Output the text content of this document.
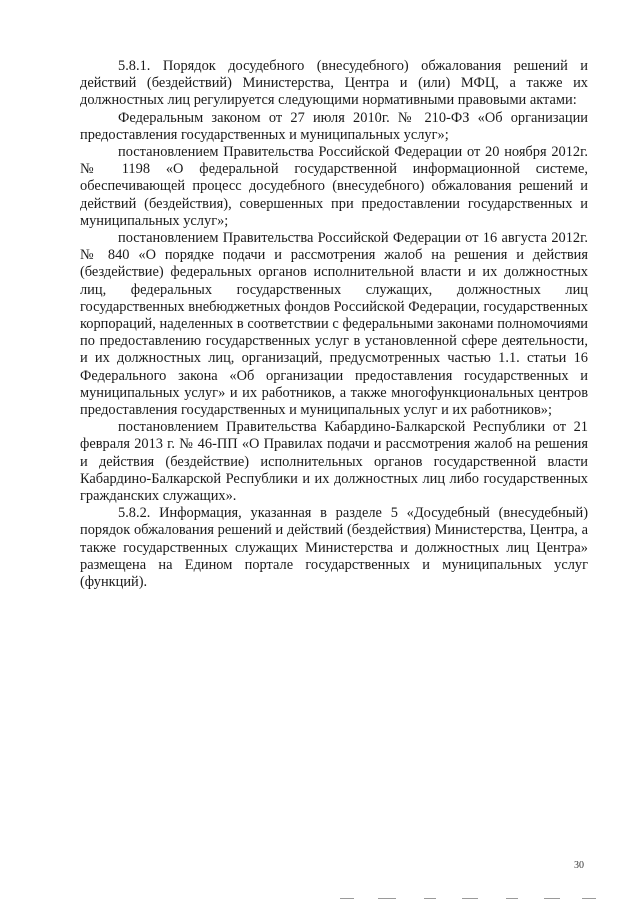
5.8.1. Порядок досудебного (внесудебного) обжалования решений и действий (бездействий) Министерства, Центра и (или) МФЦ, а также их должностных лиц регулируется следующими нормативными правовыми актами:

Федеральным законом от 27 июля 2010г. № 210-ФЗ «Об организации предоставления государственных и муниципальных услуг»;

постановлением Правительства Российской Федерации от 20 ноября 2012г. № 1198 «О федеральной государственной информационной системе, обеспечивающей процесс досудебного (внесудебного) обжалования решений и действий (бездействия), совершенных при предоставлении государственных и муниципальных услуг»;

постановлением Правительства Российской Федерации от 16 августа 2012г. № 840 «О порядке подачи и рассмотрения жалоб на решения и действия (бездействие) федеральных органов исполнительной власти и их должностных лиц, федеральных государственных служащих, должностных лиц государственных внебюджетных фондов Российской Федерации, государственных корпораций, наделенных в соответствии с федеральными законами полномочиями по предоставлению государственных услуг в установленной сфере деятельности, и их должностных лиц, организаций, предусмотренных частью 1.1. статьи 16 Федерального закона «Об организации предоставления государственных и муниципальных услуг» и их работников, а также многофункциональных центров предоставления государственных и муниципальных услуг и их работников»;

постановлением Правительства Кабардино-Балкарской Республики от 21 февраля 2013 г. № 46-ПП «О Правилах подачи и рассмотрения жалоб на решения и действия (бездействие) исполнительных органов государственной власти Кабардино-Балкарской Республики и их должностных лиц либо государственных гражданских служащих».

5.8.2. Информация, указанная в разделе 5 «Досудебный (внесудебный) порядок обжалования решений и действий (бездействия) Министерства, Центра, а также государственных служащих Министерства и должностных лиц Центра» размещена на Едином портале государственных и муниципальных услуг (функций).

30
